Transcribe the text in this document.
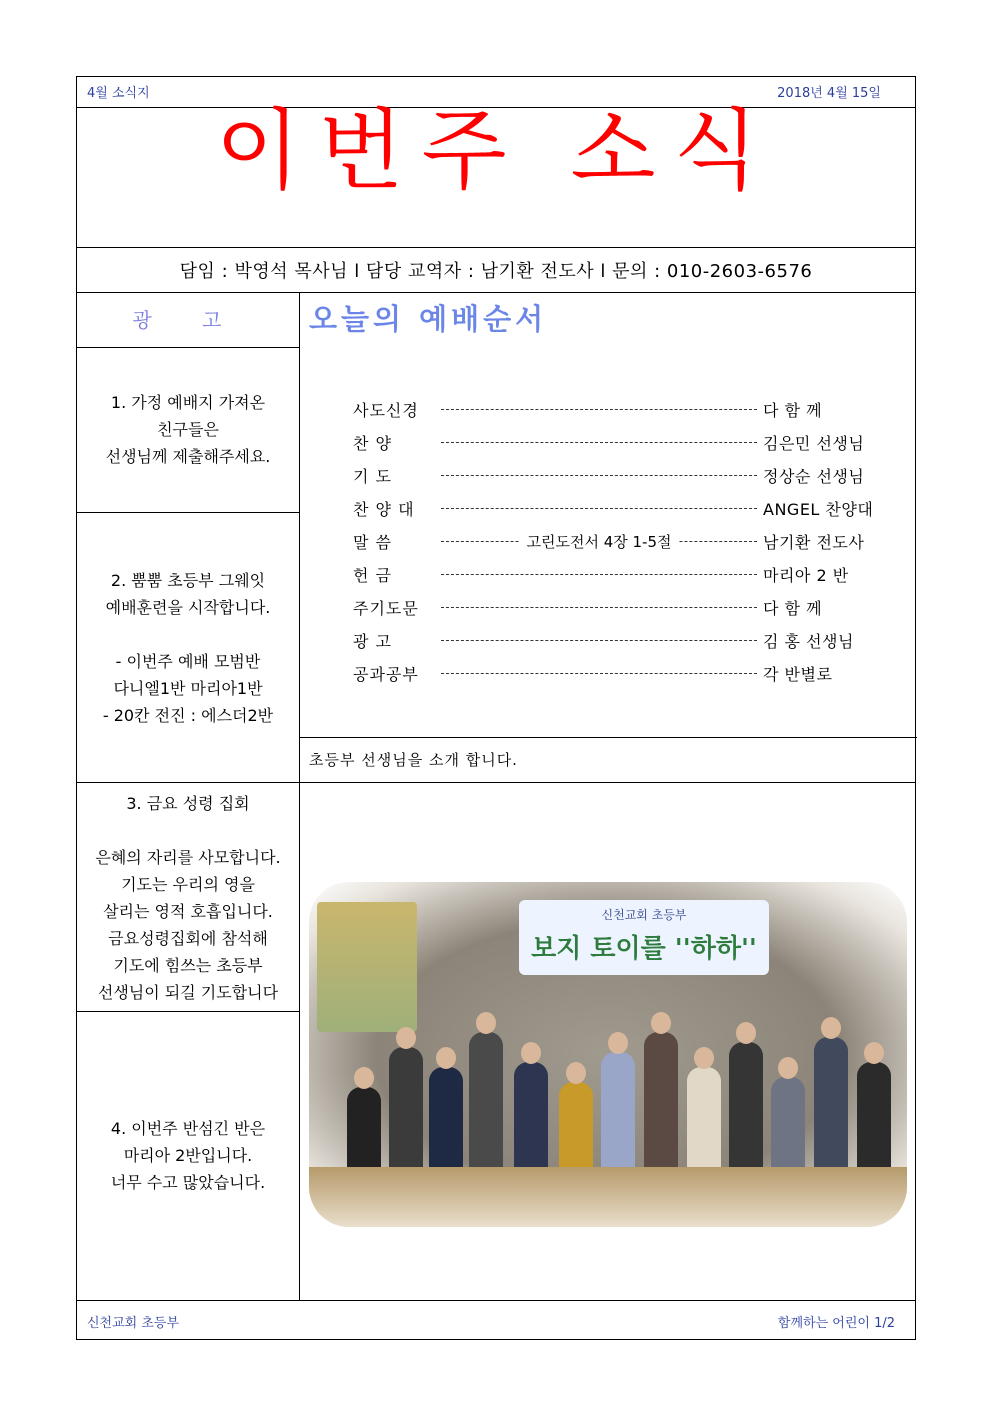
4월 소식지	2018년 4월 15일
이번주 소식
담임 : 박영석 목사님 l 담당 교역자 : 남기환 전도사 l 문의 : 010-2603-6576
광 고
1. 가정 예배지 가져온
친구들은
선생님께 제출해주세요.
2. 뿜뿜 초등부 그웨잇
예배훈련을 시작합니다.
- 이번주 예배 모범반
다니엘1반 마리아1반
- 20칸 전진 : 에스더2반
3. 금요 성령 집회
은혜의 자리를 사모합니다.
기도는 우리의 영을
살리는 영적 호흡입니다.
금요성령집회에 참석해
기도에 힘쓰는 초등부
선생님이 되길 기도합니다
4. 이번주 반섬긴 반은
마리아 2반입니다.
너무 수고 많았습니다.
오늘의 예배순서
사도신경	다 함 께
찬 양	김은민 선생님
기 도	정상순 선생님
찬 양 대	ANGEL 찬양대
말 씀	고린도전서 4장 1-5절	남기환 전도사
헌 금	마리아 2 반
주기도문	다 함 께
광 고	김 홍 선생님
공과공부	각 반별로
초등부 선생님을 소개 합니다.
신천교회 초등부
보지 토이를 ''하하''
신천교회 초등부	함께하는 어린이 1/2
